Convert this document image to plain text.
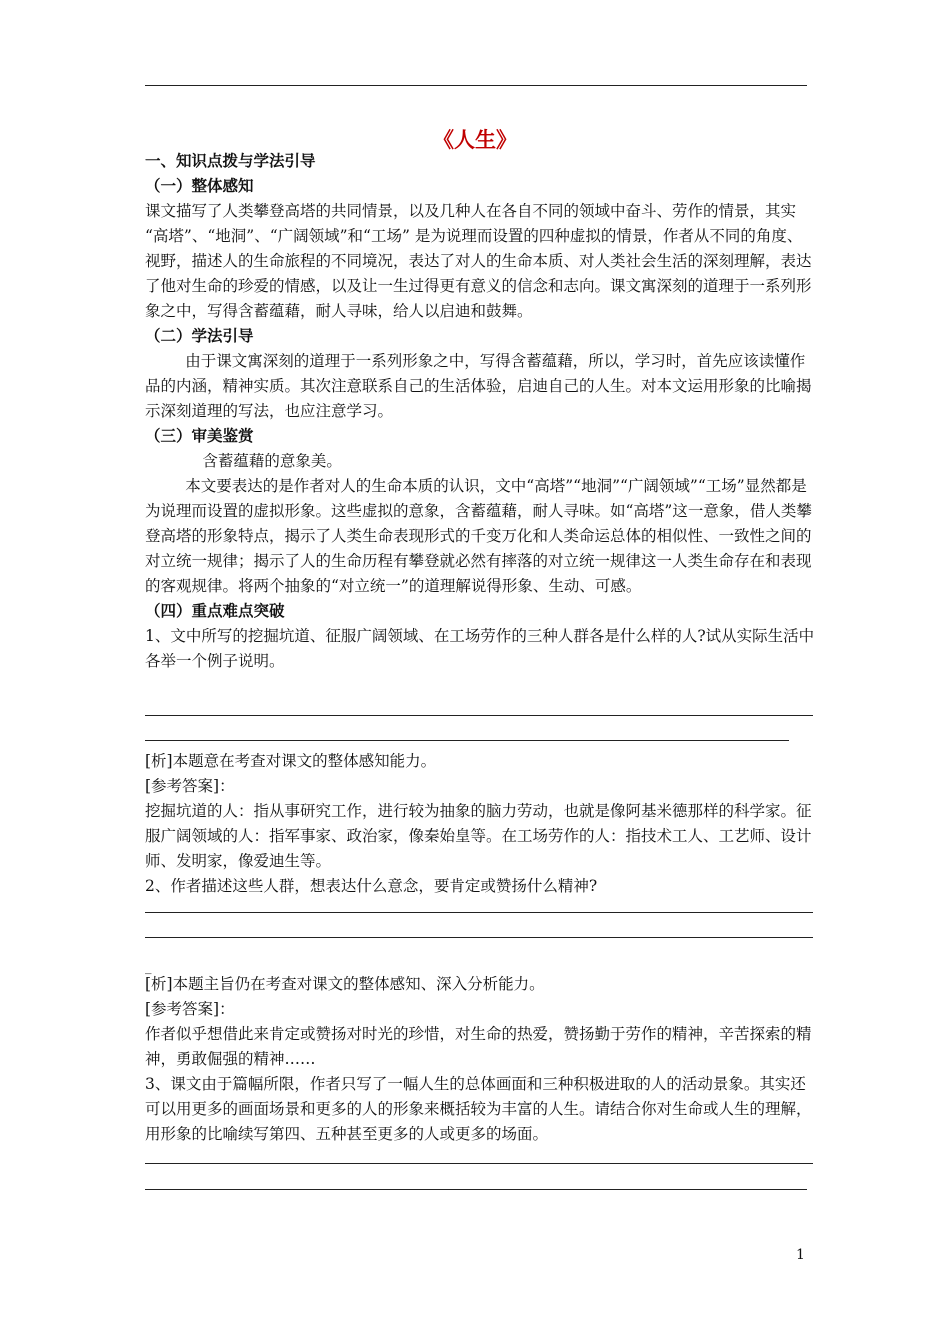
《人生》

一、知识点拨与学法引导

（一）整体感知

课文描写了人类攀登高塔的共同情景，以及几种人在各自不同的领域中奋斗、劳作的情景，其实 “高塔”、“地洞”、“广阔领域”和“工场” 是为说理而设置的四种虚拟的情景，作者从不同的角度、视野，描述人的生命旅程的不同境况，表达了对人的生命本质、对人类社会生活的深刻理解，表达了他对生命的珍爱的情感，以及让一生过得更有意义的信念和志向。课文寓深刻的道理于一系列形象之中，写得含蓄蕴藉，耐人寻味，给人以启迪和鼓舞。

（二）学法引导

由于课文寓深刻的道理于一系列形象之中，写得含蓄蕴藉，所以，学习时，首先应该读懂作品的内涵，精神实质。其次注意联系自己的生活体验，启迪自己的人生。对本文运用形象的比喻揭示深刻道理的写法，也应注意学习。

（三）审美鉴赏

含蓄蕴藉的意象美。

本文要表达的是作者对人的生命本质的认识，文中“高塔”“地洞”“广阔领域”“工场”显然都是为说理而设置的虚拟形象。这些虚拟的意象，含蓄蕴藉，耐人寻味。如“高塔”这一意象，借人类攀登高塔的形象特点，揭示了人类生命表现形式的千变万化和人类命运总体的相似性、一致性之间的对立统一规律；揭示了人的生命历程有攀登就必然有摔落的对立统一规律这一人类生命存在和表现的客观规律。将两个抽象的“对立统一”的道理解说得形象、生动、可感。

（四）重点难点突破

1、文中所写的挖掘坑道、征服广阔领域、在工场劳作的三种人群各是什么样的人?试从实际生活中各举一个例子说明。

[析]本题意在考查对课文的整体感知能力。

[参考答案]：

挖掘坑道的人：指从事研究工作，进行较为抽象的脑力劳动，也就是像阿基米德那样的科学家。征服广阔领域的人：指军事家、政治家，像秦始皇等。在工场劳作的人：指技术工人、工艺师、设计师、发明家，像爱迪生等。

2、作者描述这些人群，想表达什么意念，要肯定或赞扬什么精神?

_

[析]本题主旨仍在考查对课文的整体感知、深入分析能力。

[参考答案]：

作者似乎想借此来肯定或赞扬对时光的珍惜，对生命的热爱，赞扬勤于劳作的精神，辛苦探索的精神，勇敢倔强的精神……

3、课文由于篇幅所限，作者只写了一幅人生的总体画面和三种积极进取的人的活动景象。其实还可以用更多的画面场景和更多的人的形象来概括较为丰富的人生。请结合你对生命或人生的理解，用形象的比喻续写第四、五种甚至更多的人或更多的场面。

1
